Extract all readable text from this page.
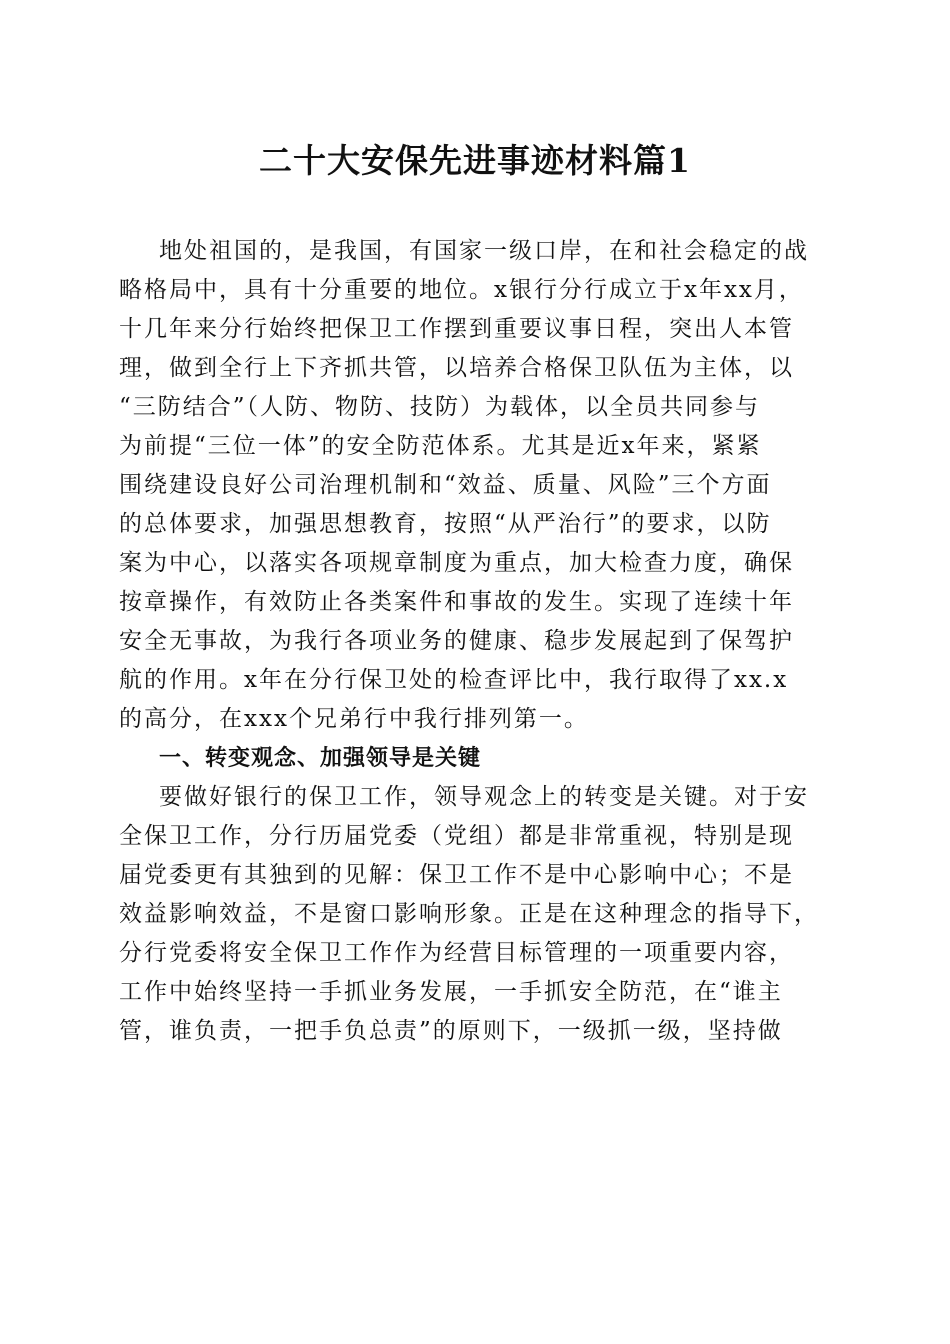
二十大安保先进事迹材料篇1
地处祖国的，是我国，有国家一级口岸，在和社会稳定的战
略格局中，具有十分重要的地位。x银行分行成立于x年xx月，
十几年来分行始终把保卫工作摆到重要议事日程，突出人本管
理，做到全行上下齐抓共管，以培养合格保卫队伍为主体，以
“三防结合”（人防、物防、技防）为载体，以全员共同参与
为前提“三位一体”的安全防范体系。尤其是近x年来，紧紧
围绕建设良好公司治理机制和“效益、质量、风险”三个方面
的总体要求，加强思想教育，按照“从严治行”的要求，以防
案为中心，以落实各项规章制度为重点，加大检查力度，确保
按章操作，有效防止各类案件和事故的发生。实现了连续十年
安全无事故，为我行各项业务的健康、稳步发展起到了保驾护
航的作用。x年在分行保卫处的检查评比中，我行取得了xx.x
的高分，在xxx个兄弟行中我行排列第一。
一、转变观念、加强领导是关键
要做好银行的保卫工作，领导观念上的转变是关键。对于安
全保卫工作，分行历届党委（党组）都是非常重视，特别是现
届党委更有其独到的见解：保卫工作不是中心影响中心；不是
效益影响效益，不是窗口影响形象。正是在这种理念的指导下，
分行党委将安全保卫工作作为经营目标管理的一项重要内容，
工作中始终坚持一手抓业务发展，一手抓安全防范，在“谁主
管，谁负责，一把手负总责”的原则下，一级抓一级，坚持做
